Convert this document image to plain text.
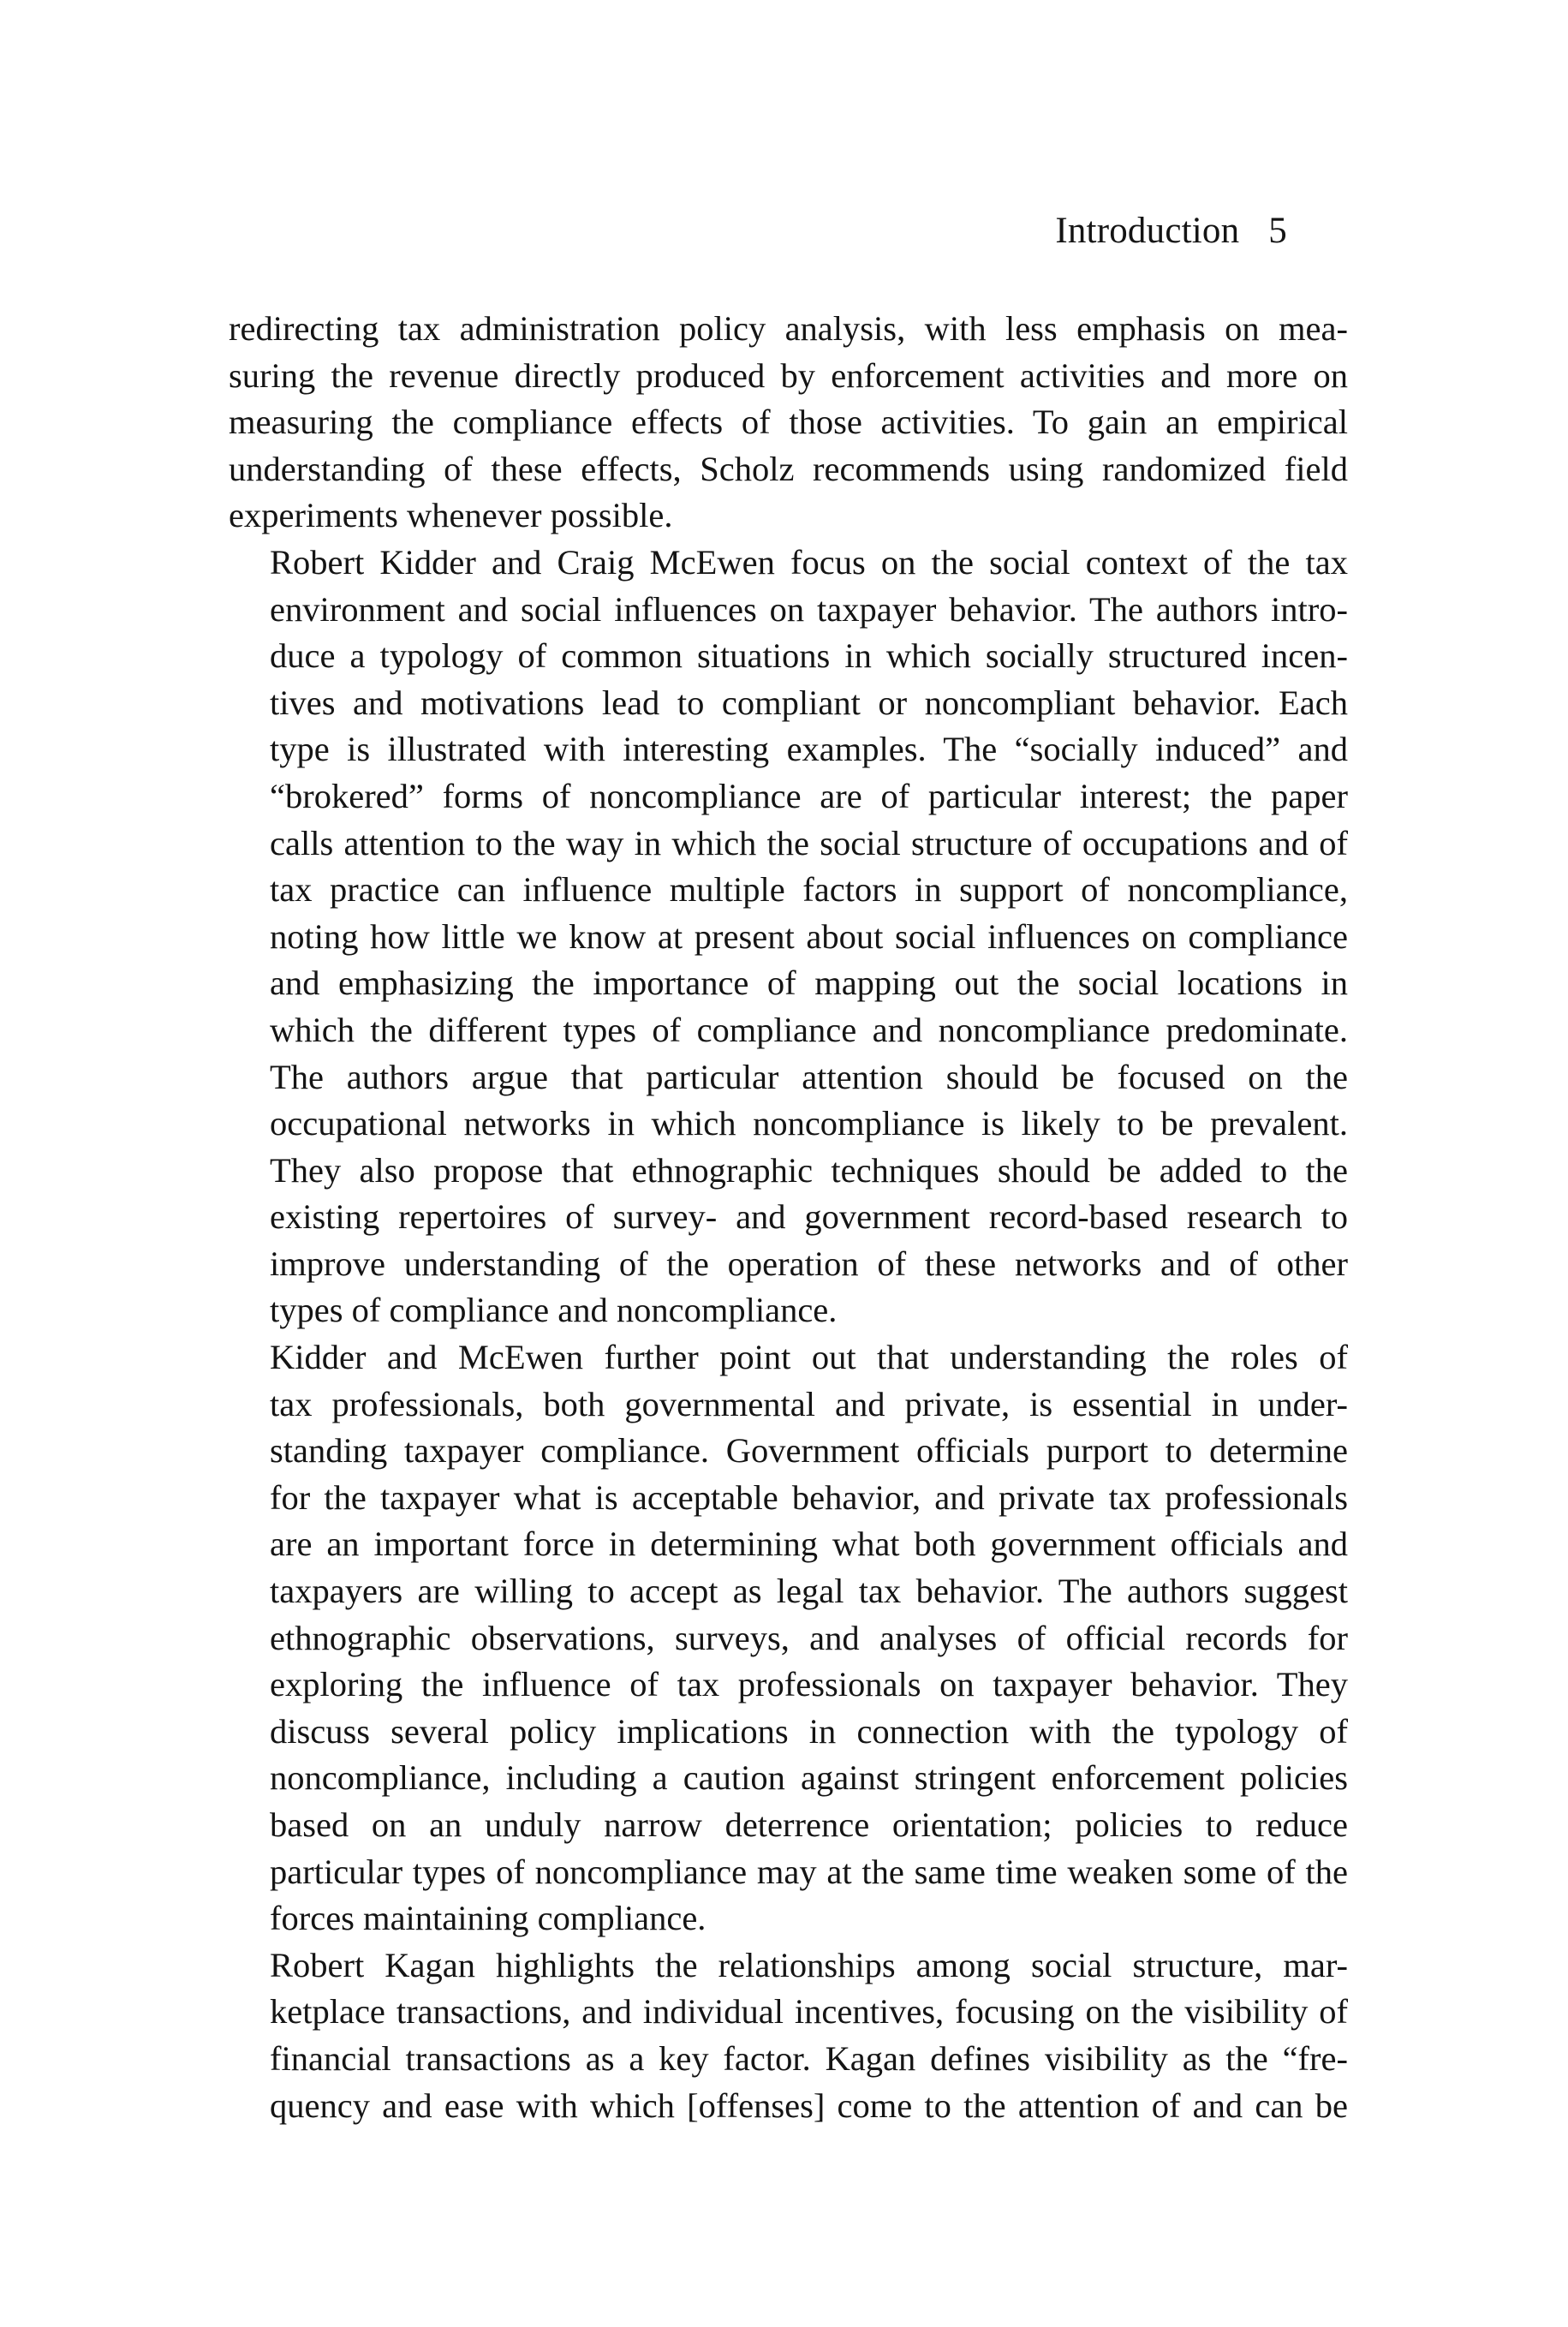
Introduction 5

redirecting tax administration policy analysis, with less emphasis on mea-
suring the revenue directly produced by enforcement activities and more on
measuring the compliance effects of those activities. To gain an empirical
understanding of these effects, Scholz recommends using randomized field
experiments whenever possible.

Robert Kidder and Craig McEwen focus on the social context of the tax
environment and social influences on taxpayer behavior. The authors intro-
duce a typology of common situations in which socially structured incen-
tives and motivations lead to compliant or noncompliant behavior. Each
type is illustrated with interesting examples. The “socially induced” and
“brokered” forms of noncompliance are of particular interest; the paper
calls attention to the way in which the social structure of occupations and of
tax practice can influence multiple factors in support of noncompliance,
noting how little we know at present about social influences on compliance
and emphasizing the importance of mapping out the social locations in
which the different types of compliance and noncompliance predominate.
The authors argue that particular attention should be focused on the
occupational networks in which noncompliance is likely to be prevalent.
They also propose that ethnographic techniques should be added to the
existing repertoires of survey- and government record-based research to
improve understanding of the operation of these networks and of other
types of compliance and noncompliance.

Kidder and McEwen further point out that understanding the roles of
tax professionals, both governmental and private, is essential in under-
standing taxpayer compliance. Government officials purport to determine
for the taxpayer what is acceptable behavior, and private tax professionals
are an important force in determining what both government officials and
taxpayers are willing to accept as legal tax behavior. The authors suggest
ethnographic observations, surveys, and analyses of official records for
exploring the influence of tax professionals on taxpayer behavior. They
discuss several policy implications in connection with the typology of
noncompliance, including a caution against stringent enforcement policies
based on an unduly narrow deterrence orientation; policies to reduce
particular types of noncompliance may at the same time weaken some of the
forces maintaining compliance.

Robert Kagan highlights the relationships among social structure, mar-
ketplace transactions, and individual incentives, focusing on the visibility of
financial transactions as a key factor. Kagan defines visibility as the “fre-
quency and ease with which [offenses] come to the attention of and can be
